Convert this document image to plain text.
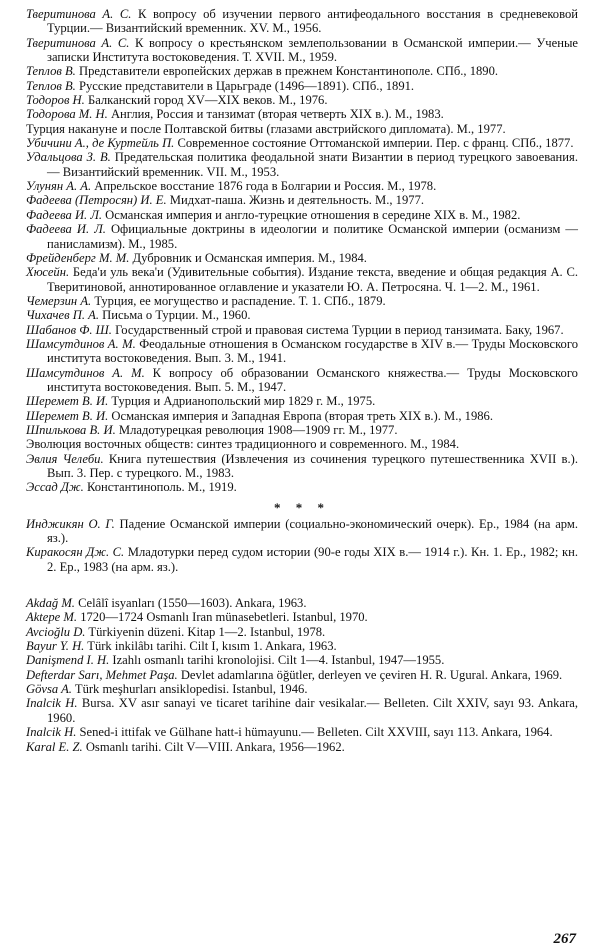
Тверитинова А. С. К вопросу об изучении первого антифеодального восстания в средневековой Турции.— Византийский временник. XV. М., 1956.

Тверитинова А. С. К вопросу о крестьянском землепользовании в Османской империи.— Ученые записки Института востоковедения. Т. XVII. М., 1959.

Теплов В. Представители европейских держав в прежнем Константинополе. СПб., 1890.

Теплов В. Русские представители в Царьграде (1496—1891). СПб., 1891.

Тодоров Н. Балканский город XV—XIX веков. М., 1976.

Тодорова М. Н. Англия, Россия и танзимат (вторая четверть XIX в.). М., 1983.

Турция накануне и после Полтавской битвы (глазами австрийского дипломата). М., 1977.

Убичини А., де Куртейль П. Современное состояние Оттоманской империи. Пер. с франц. СПб., 1877.

Удальцова З. В. Предательская политика феодальной знати Византии в период турецкого завоевания.— Византийский временник. VII. М., 1953.

Улунян А. А. Апрельское восстание 1876 года в Болгарии и Россия. М., 1978.

Фадеева (Петросян) И. Е. Мидхат-паша. Жизнь и деятельность. М., 1977.

Фадеева И. Л. Османская империя и англо-турецкие отношения в середине XIX в. М., 1982.

Фадеева И. Л. Официальные доктрины в идеологии и политике Османской империи (османизм — панисламизм). М., 1985.

Фрейденберг М. М. Дубровник и Османская империя. М., 1984.

Хюсейн. Беда'и уль века'и (Удивительные события). Издание текста, введение и общая редакция А. С. Тверитиновой, аннотированное оглавление и указатели Ю. А. Петросяна. Ч. 1—2. М., 1961.

Чемерзин А. Турция, ее могущество и распадение. Т. 1. СПб., 1879.

Чихачев П. А. Письма о Турции. М., 1960.

Шабанов Ф. Ш. Государственный строй и правовая система Турции в период танзимата. Баку, 1967.

Шамсутдинов А. М. Феодальные отношения в Османском государстве в XIV в.— Труды Московского института востоковедения. Вып. 3. М., 1941.

Шамсутдинов А. М. К вопросу об образовании Османского княжества.— Труды Московского института востоковедения. Вып. 5. М., 1947.

Шеремет В. И. Турция и Адрианопольский мир 1829 г. М., 1975.

Шеремет В. И. Османская империя и Западная Европа (вторая треть XIX в.). М., 1986.

Шпилькова В. И. Младотурецкая революция 1908—1909 гг. М., 1977.

Эволюция восточных обществ: синтез традиционного и современного. М., 1984.

Эвлия Челеби. Книга путешествия (Извлечения из сочинения турецкого путешественника XVII в.). Вып. 3. Пер. с турецкого. М., 1983.

Эссад Дж. Константинополь. М., 1919.

* * *

Инджикян О. Г. Падение Османской империи (социально-экономический очерк). Ер., 1984 (на арм. яз.).

Киракосян Дж. С. Младотурки перед судом истории (90-е годы XIX в.— 1914 г.). Кн. 1. Ер., 1982; кн. 2. Ер., 1983 (на арм. яз.).

Akdağ M. Celâlî isyanları (1550—1603). Ankara, 1963.

Aktepe M. 1720—1724 Osmanlı Iran münasebetleri. Istanbul, 1970.

Avcioğlu D. Türkiyenin düzeni. Kitap 1—2. Istanbul, 1978.

Bayur Y. H. Türk inkilâbı tarihi. Cilt I, kısım 1. Ankara, 1963.

Danişmend I. H. Izahlı osmanlı tarihi kronolojisi. Cilt 1—4. Istanbul, 1947—1955.

Defterdar Sarı, Mehmet Paşa. Devlet adamlarına öğütler, derleyen ve çeviren H. R. Ugural. Ankara, 1969.

Gövsa A. Türk meşhurları ansiklopedisi. Istanbul, 1946.

Inalcik H. Bursa. XV asır sanayi ve ticaret tarihine dair vesikalar.— Belleten. Cilt XXIV, sayı 93. Ankara, 1960.

Inalcik H. Sened-i ittifak ve Gülhane hatt-i hümayunu.— Belleten. Cilt XXVIII, sayı 113. Ankara, 1964.

Karal E. Z. Osmanlı tarihi. Cilt V—VIII. Ankara, 1956—1962.

267
